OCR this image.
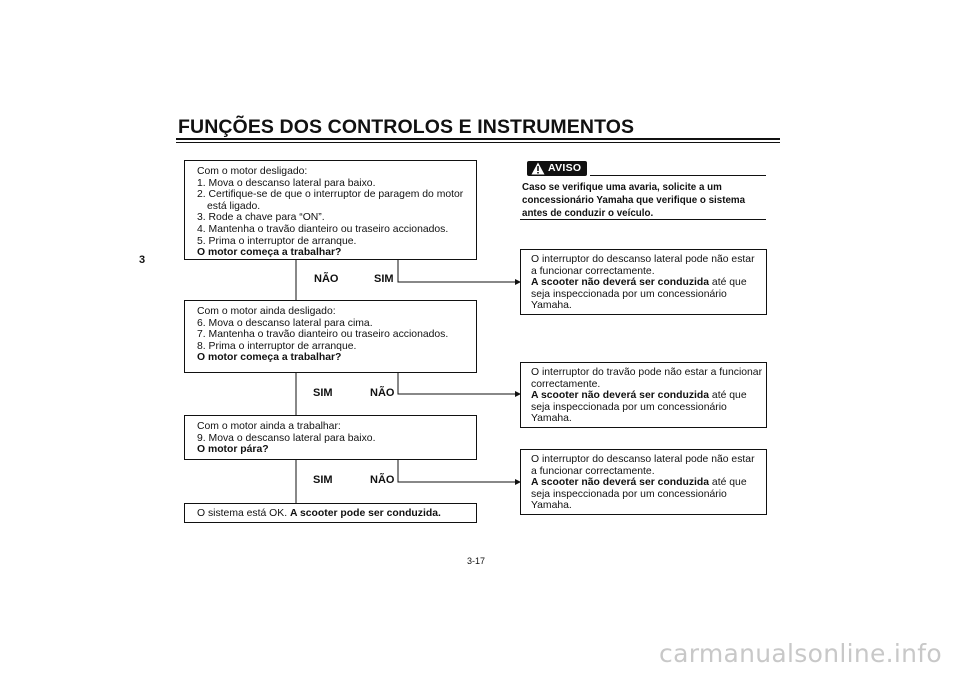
FUNÇÕES DOS CONTROLOS E INSTRUMENTOS
3
Com o motor desligado:
1. Mova o descanso lateral para baixo.
2. Certifique-se de que o interruptor de paragem do motor
está ligado.
3. Rode a chave para “ON”.
4. Mantenha o travão dianteiro ou traseiro accionados.
5. Prima o interruptor de arranque.
O motor começa a trabalhar?
NÃO	SIM
Com o motor ainda desligado:
6. Mova o descanso lateral para cima.
7. Mantenha o travão dianteiro ou traseiro accionados.
8. Prima o interruptor de arranque.
O motor começa a trabalhar?
SIM	NÃO
Com o motor ainda a trabalhar:
9. Mova o descanso lateral para baixo.
O motor pára?
SIM	NÃO
O sistema está OK. A scooter pode ser conduzida.
AVISO
Caso se verifique uma avaria, solicite a um
concessionário Yamaha que verifique o sistema
antes de conduzir o veículo.
O interruptor do descanso lateral pode não estar
a funcionar correctamente.
A scooter não deverá ser conduzida até que
seja inspeccionada por um concessionário
Yamaha.
O interruptor do travão pode não estar a funcionar
correctamente.
A scooter não deverá ser conduzida até que
seja inspeccionada por um concessionário
Yamaha.
O interruptor do descanso lateral pode não estar
a funcionar correctamente.
A scooter não deverá ser conduzida até que
seja inspeccionada por um concessionário
Yamaha.
3-17
carmanualsonline.info
